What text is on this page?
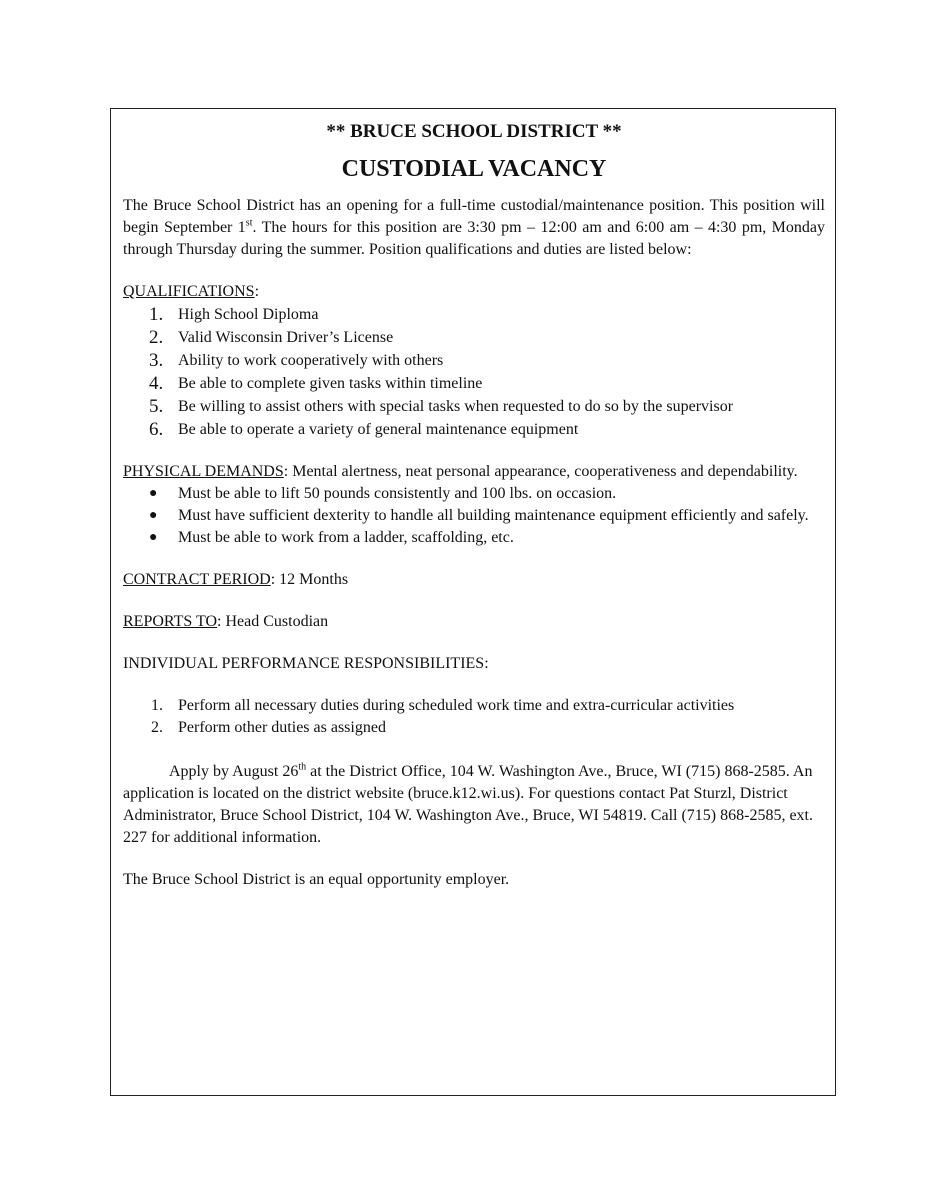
** BRUCE SCHOOL DISTRICT **
CUSTODIAL VACANCY

The Bruce School District has an opening for a full-time custodial/maintenance position. This position will begin September 1st. The hours for this position are 3:30 pm – 12:00 am and 6:00 am – 4:30 pm, Monday through Thursday during the summer. Position qualifications and duties are listed below:

QUALIFICATIONS:

1. High School Diploma
2. Valid Wisconsin Driver’s License
3. Ability to work cooperatively with others
4. Be able to complete given tasks within timeline
5. Be willing to assist others with special tasks when requested to do so by the supervisor
6. Be able to operate a variety of general maintenance equipment

PHYSICAL DEMANDS: Mental alertness, neat personal appearance, cooperativeness and dependability.

● Must be able to lift 50 pounds consistently and 100 lbs. on occasion.
● Must have sufficient dexterity to handle all building maintenance equipment efficiently and safely.
● Must be able to work from a ladder, scaffolding, etc.

CONTRACT PERIOD: 12 Months

REPORTS TO: Head Custodian

INDIVIDUAL PERFORMANCE RESPONSIBILITIES:

1. Perform all necessary duties during scheduled work time and extra-curricular activities
2. Perform other duties as assigned

Apply by August 26th at the District Office, 104 W. Washington Ave., Bruce, WI (715) 868-2585. An application is located on the district website (bruce.k12.wi.us). For questions contact Pat Sturzl, District Administrator, Bruce School District, 104 W. Washington Ave., Bruce, WI 54819. Call (715) 868-2585, ext. 227 for additional information.

The Bruce School District is an equal opportunity employer.
